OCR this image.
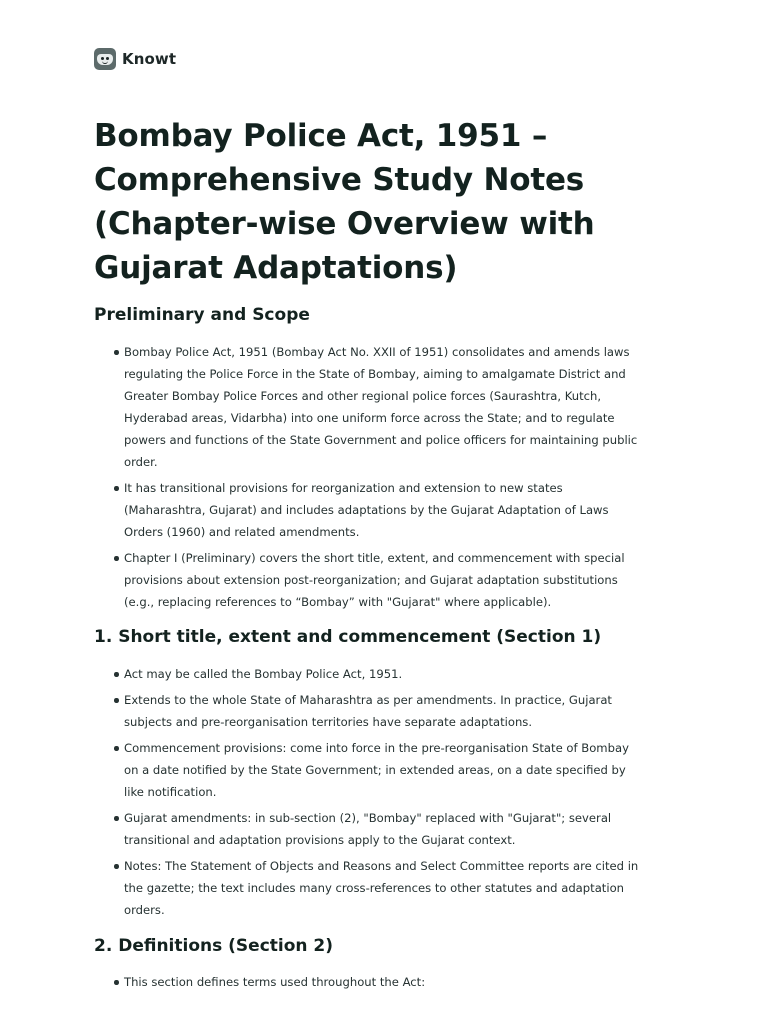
Knowt
Bombay Police Act, 1951 – Comprehensive Study Notes (Chapter-wise Overview with Gujarat Adaptations)
Preliminary and Scope
Bombay Police Act, 1951 (Bombay Act No. XXII of 1951) consolidates and amends laws regulating the Police Force in the State of Bombay, aiming to amalgamate District and Greater Bombay Police Forces and other regional police forces (Saurashtra, Kutch, Hyderabad areas, Vidarbha) into one uniform force across the State; and to regulate powers and functions of the State Government and police officers for maintaining public order.
It has transitional provisions for reorganization and extension to new states (Maharashtra, Gujarat) and includes adaptations by the Gujarat Adaptation of Laws Orders (1960) and related amendments.
Chapter I (Preliminary) covers the short title, extent, and commencement with special provisions about extension post-reorganization; and Gujarat adaptation substitutions (e.g., replacing references to “Bombay” with "Gujarat" where applicable).
1. Short title, extent and commencement (Section 1)
Act may be called the Bombay Police Act, 1951.
Extends to the whole State of Maharashtra as per amendments. In practice, Gujarat subjects and pre-reorganisation territories have separate adaptations.
Commencement provisions: come into force in the pre-reorganisation State of Bombay on a date notified by the State Government; in extended areas, on a date specified by like notification.
Gujarat amendments: in sub-section (2), "Bombay" replaced with "Gujarat"; several transitional and adaptation provisions apply to the Gujarat context.
Notes: The Statement of Objects and Reasons and Select Committee reports are cited in the gazette; the text includes many cross-references to other statutes and adaptation orders.
2. Definitions (Section 2)
This section defines terms used throughout the Act:
